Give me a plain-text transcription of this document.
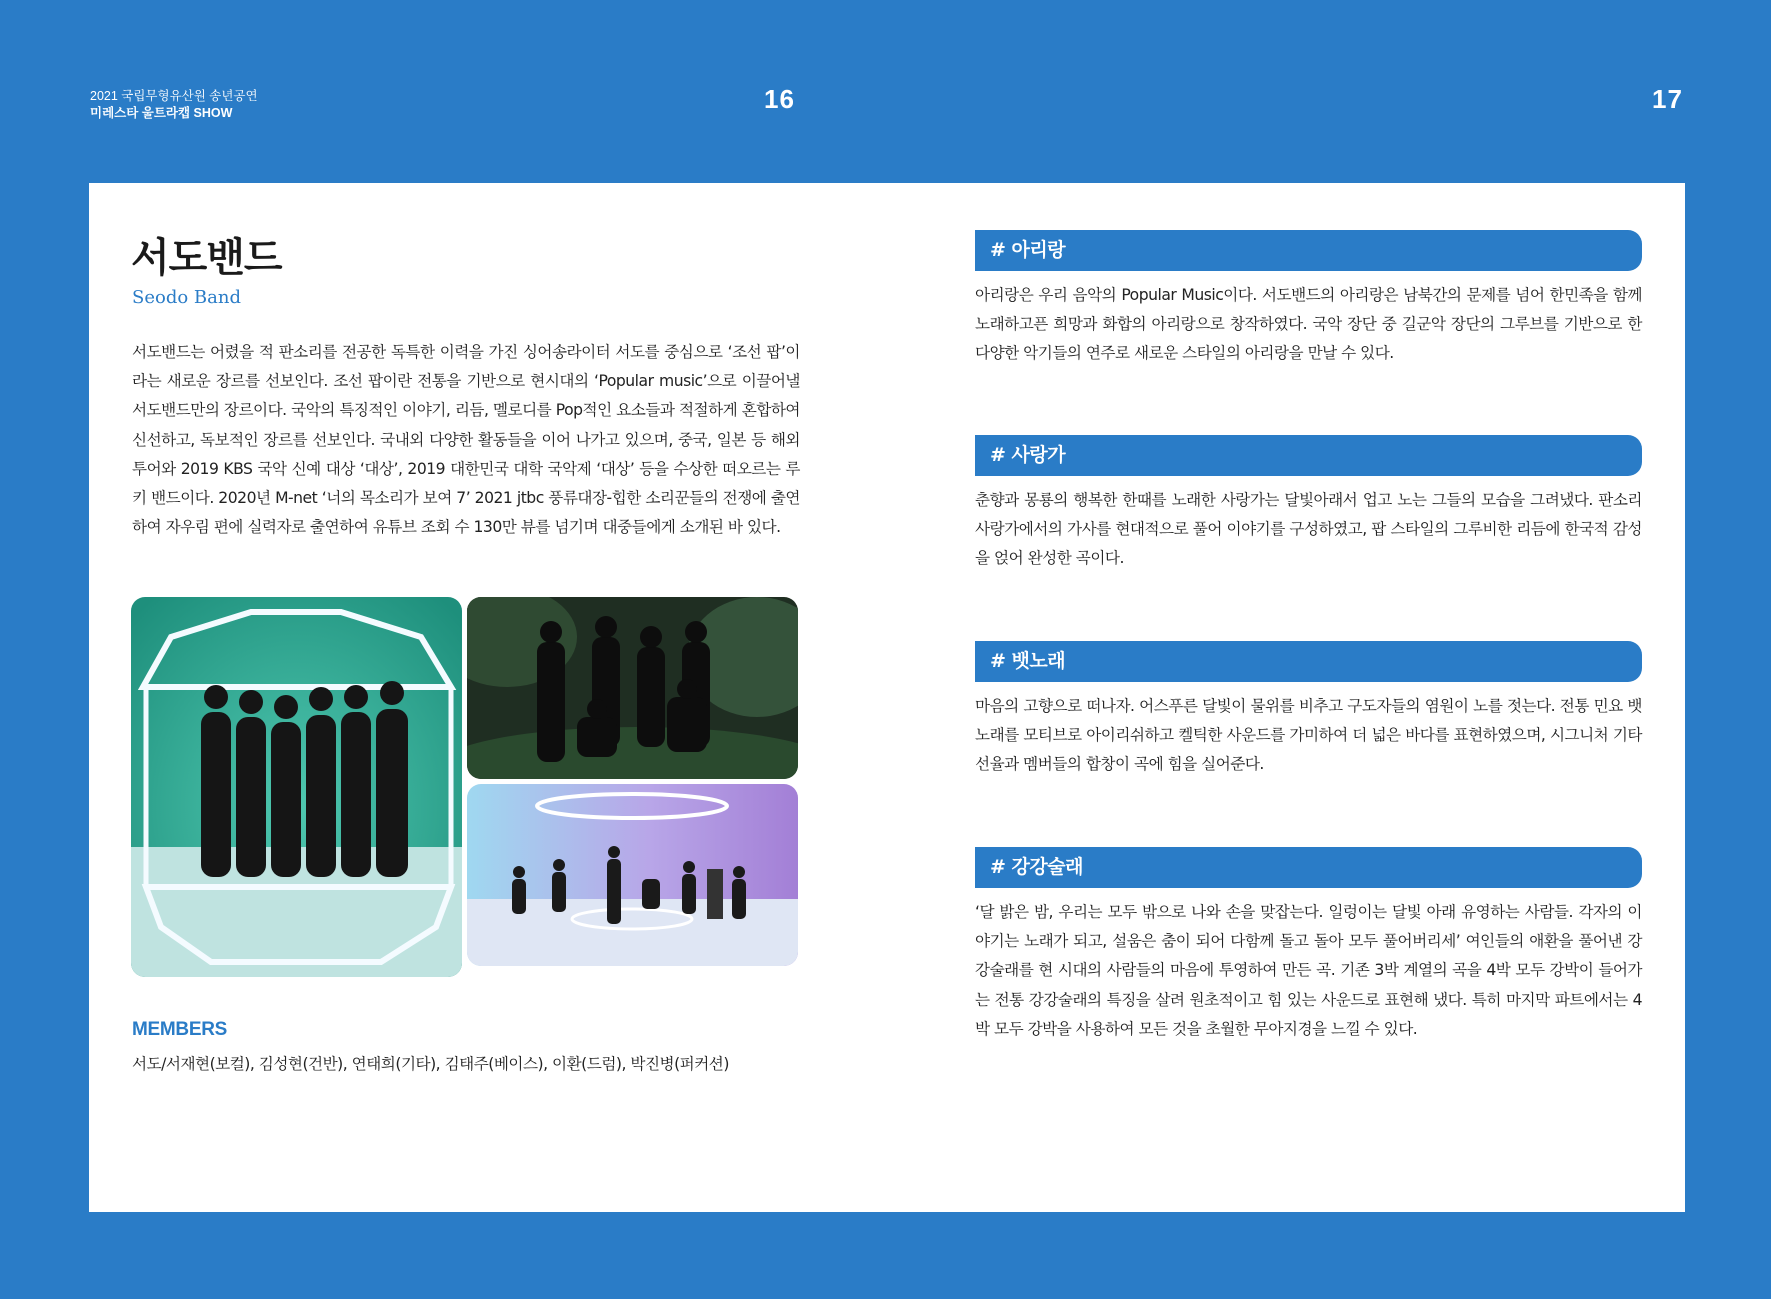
2021 국립무형유산원 송년공연
미레스타 울트라캡 SHOW	16	17
서도밴드
Seodo Band
서도밴드는 어렸을 적 판소리를 전공한 독특한 이력을 가진 싱어송라이터 서도를 중심으로 ‘조선 팝’이라는 새로운 장르를 선보인다. 조선 팝이란 전통을 기반으로 현시대의 ‘Popular music’으로 이끌어낼 서도밴드만의 장르이다. 국악의 특징적인 이야기, 리듬, 멜로디를 Pop적인 요소들과 적절하게 혼합하여 신선하고, 독보적인 장르를 선보인다. 국내외 다양한 활동들을 이어 나가고 있으며, 중국, 일본 등 해외 투어와 2019 KBS 국악 신예 대상 ‘대상’, 2019 대한민국 대학 국악제 ‘대상’ 등을 수상한 떠오르는 루키 밴드이다. 2020년 M-net ‘너의 목소리가 보여 7’ 2021 jtbc 풍류대장-힙한 소리꾼들의 전쟁에 출연하여 자우림 편에 실력자로 출연하여 유튜브 조회 수 130만 뷰를 넘기며 대중들에게 소개된 바 있다.
MEMBERS
서도/서재현(보컬), 김성현(건반), 연태희(기타), 김태주(베이스), 이환(드럼), 박진병(퍼커션)
# 아리랑
아리랑은 우리 음악의 Popular Music이다. 서도밴드의 아리랑은 남북간의 문제를 넘어 한민족을 함께 노래하고픈 희망과 화합의 아리랑으로 창작하였다. 국악 장단 중 길군악 장단의 그루브를 기반으로 한 다양한 악기들의 연주로 새로운 스타일의 아리랑을 만날 수 있다.
# 사랑가
춘향과 몽룡의 행복한 한때를 노래한 사랑가는 달빛아래서 업고 노는 그들의 모습을 그려냈다. 판소리 사랑가에서의 가사를 현대적으로 풀어 이야기를 구성하였고, 팝 스타일의 그루비한 리듬에 한국적 감성을 얹어 완성한 곡이다.
# 뱃노래
마음의 고향으로 떠나자. 어스푸른 달빛이 물위를 비추고 구도자들의 염원이 노를 젓는다. 전통 민요 뱃노래를 모티브로 아이리쉬하고 켈틱한 사운드를 가미하여 더 넓은 바다를 표현하였으며, 시그니처 기타 선율과 멤버들의 합창이 곡에 힘을 실어준다.
# 강강술래
‘달 밝은 밤, 우리는 모두 밖으로 나와 손을 맞잡는다. 일렁이는 달빛 아래 유영하는 사람들. 각자의 이야기는 노래가 되고, 설움은 춤이 되어 다함께 돌고 돌아 모두 풀어버리세’ 여인들의 애환을 풀어낸 강강술래를 현 시대의 사람들의 마음에 투영하여 만든 곡. 기존 3박 계열의 곡을 4박 모두 강박이 들어가는 전통 강강술래의 특징을 살려 원초적이고 힘 있는 사운드로 표현해 냈다. 특히 마지막 파트에서는 4박 모두 강박을 사용하여 모든 것을 초월한 무아지경을 느낄 수 있다.
